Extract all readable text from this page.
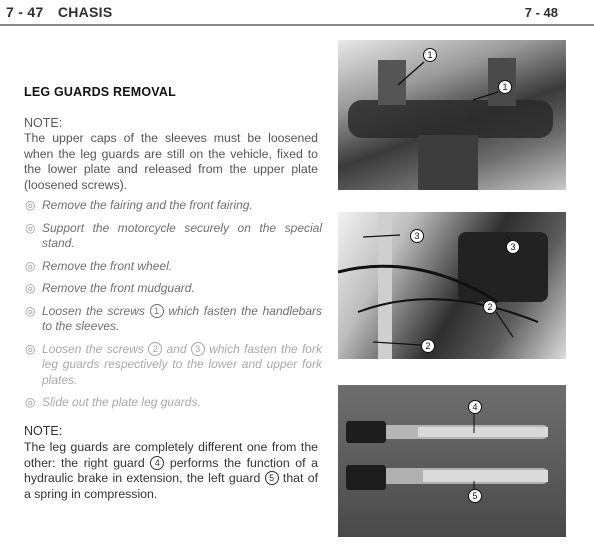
7 - 47 CHASIS	7 - 48
LEG GUARDS REMOVAL
NOTE:
The upper caps of the sleeves must be loosened when the leg guards are still on the vehicle, fixed to the lower plate and released from the upper plate (loosened screws).
◎ Remove the fairing and the front fairing.
◎ Support the motorcycle securely on the special stand.
◎ Remove the front wheel.
◎ Remove the front mudguard.
◎ Loosen the screws 1 which fasten the handlebars to the sleeves.
◎ Loosen the screws 2 and 3 which fasten the fork leg guards respectively to the lower and upper fork plates.
◎ Slide out the plate leg guards.
NOTE:
The leg guards are completely different one from the other: the right guard 4 performs the function of a hydraulic brake in extension, the left guard 5 that of a spring in compression.
1
1
3
3
2
2
4
5
